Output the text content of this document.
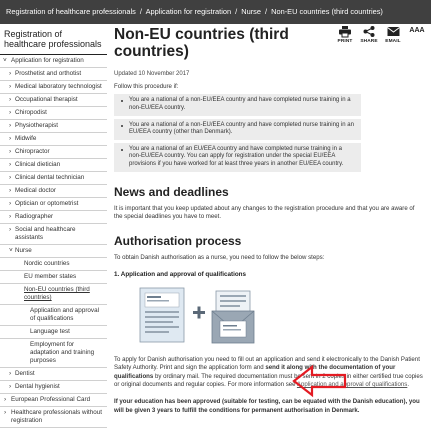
Registration of healthcare professionals / Application for registration / Nurse / Non-EU countries (third countries)
Registration of healthcare professionals
˅ Application for registration
› Prosthetist and orthotist
› Medical laboratory technologist
› Occupational therapist
› Chiropodist
› Physiotherapist
› Midwife
› Chiropractor
› Clinical dietician
› Clinical dental technician
› Medical doctor
› Optician or optometrist
› Radiographer
› Social and healthcare assistants
˅ Nurse
Nordic countries
EU member states
Non-EU countries (third countries)
Application and approval of qualifications
Language test
Employment for adaptation and training purposes
› Dentist
› Dental hygienist
› European Professional Card
› Healthcare professionals without registration
Non-EU countries (third countries)
PRINT	SHARE	EMAIL
AAA
Updated 10 November 2017

Follow this procedure if:

You are a national of a non-EU/EEA country and have completed nurse training in a non-EU/EEA country.
You are a national of a non-EU/EEA country and have completed nurse training in an EU/EEA country (other than Denmark).
You are a national of an EU/EEA country and have completed nurse training in a non-EU/EEA country. You can apply for registration under the special EU/EEA provisions if you have worked for at least three years in another EU/EEA country.
News and deadlines

It is important that you keep updated about any changes to the registration procedure and that you are aware of the special deadlines you have to meet.

Authorisation process

To obtain Danish authorisation as a nurse, you need to follow the below steps:

1. Application and approval of qualifications

To apply for Danish authorisation you need to fill out an application and send it electronically to the Danish Patient Safety Authority. Print and sign the application form and send it along with the documentation of your qualifications by ordinary mail. The required documentation must be sent in 2 copies in either certified true copies or original documents and regular copies. For more information see Application and approval of qualifications.

If your education has been approved (suitable for testing, can be equated with the Danish education), you will be given 3 years to fulfill the conditions for permanent authorisation in Denmark.
